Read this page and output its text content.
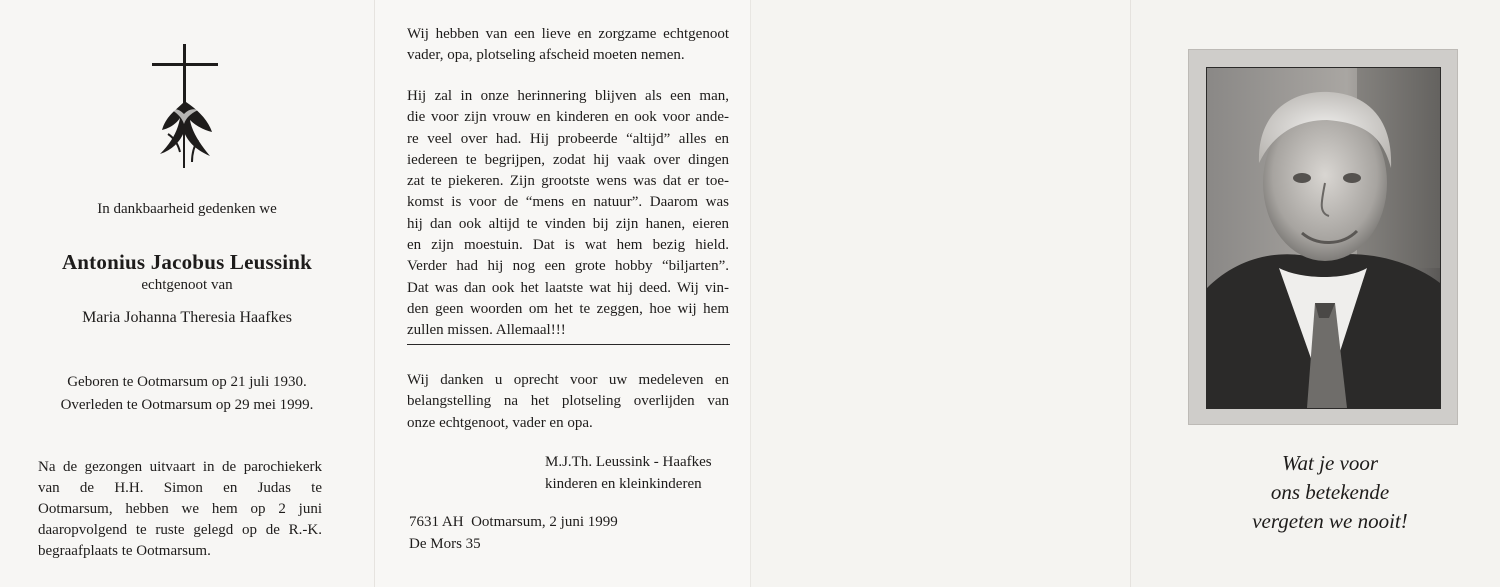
In dankbaarheid gedenken we
Antonius Jacobus Leussink
echtgenoot van
Maria Johanna Theresia Haafkes
Geboren te Ootmarsum op 21 juli 1930.
Overleden te Ootmarsum op 29 mei 1999.
Na de gezongen uitvaart in de parochiekerk
van de H.H. Simon en Judas te
Ootmarsum, hebben we hem op 2 juni
daaropvolgend te ruste gelegd op de R.-K.
begraafplaats te Ootmarsum.
Wij hebben van een lieve en zorgzame echtgenoot
vader, opa, plotseling afscheid moeten nemen.
Hij zal in onze herinnering blijven als een man,
die voor zijn vrouw en kinderen en ook voor ande-
re veel over had. Hij probeerde “altijd” alles en
iedereen te begrijpen, zodat hij vaak over dingen
zat te piekeren. Zijn grootste wens was dat er toe-
komst is voor de “mens en natuur”. Daarom was
hij dan ook altijd te vinden bij zijn hanen, eieren
en zijn moestuin. Dat is wat hem bezig hield.
Verder had hij nog een grote hobby “biljarten”.
Dat was dan ook het laatste wat hij deed. Wij vin-
den geen woorden om het te zeggen, hoe wij hem
zullen missen. Allemaal!!!
Wij danken u oprecht voor uw medeleven en
belangstelling na het plotseling overlijden van
onze echtgenoot, vader en opa.
M.J.Th. Leussink - Haafkes
kinderen en kleinkinderen
7631 AH  Ootmarsum, 2 juni 1999
De Mors 35
Wat je voor
ons betekende
vergeten we nooit!
